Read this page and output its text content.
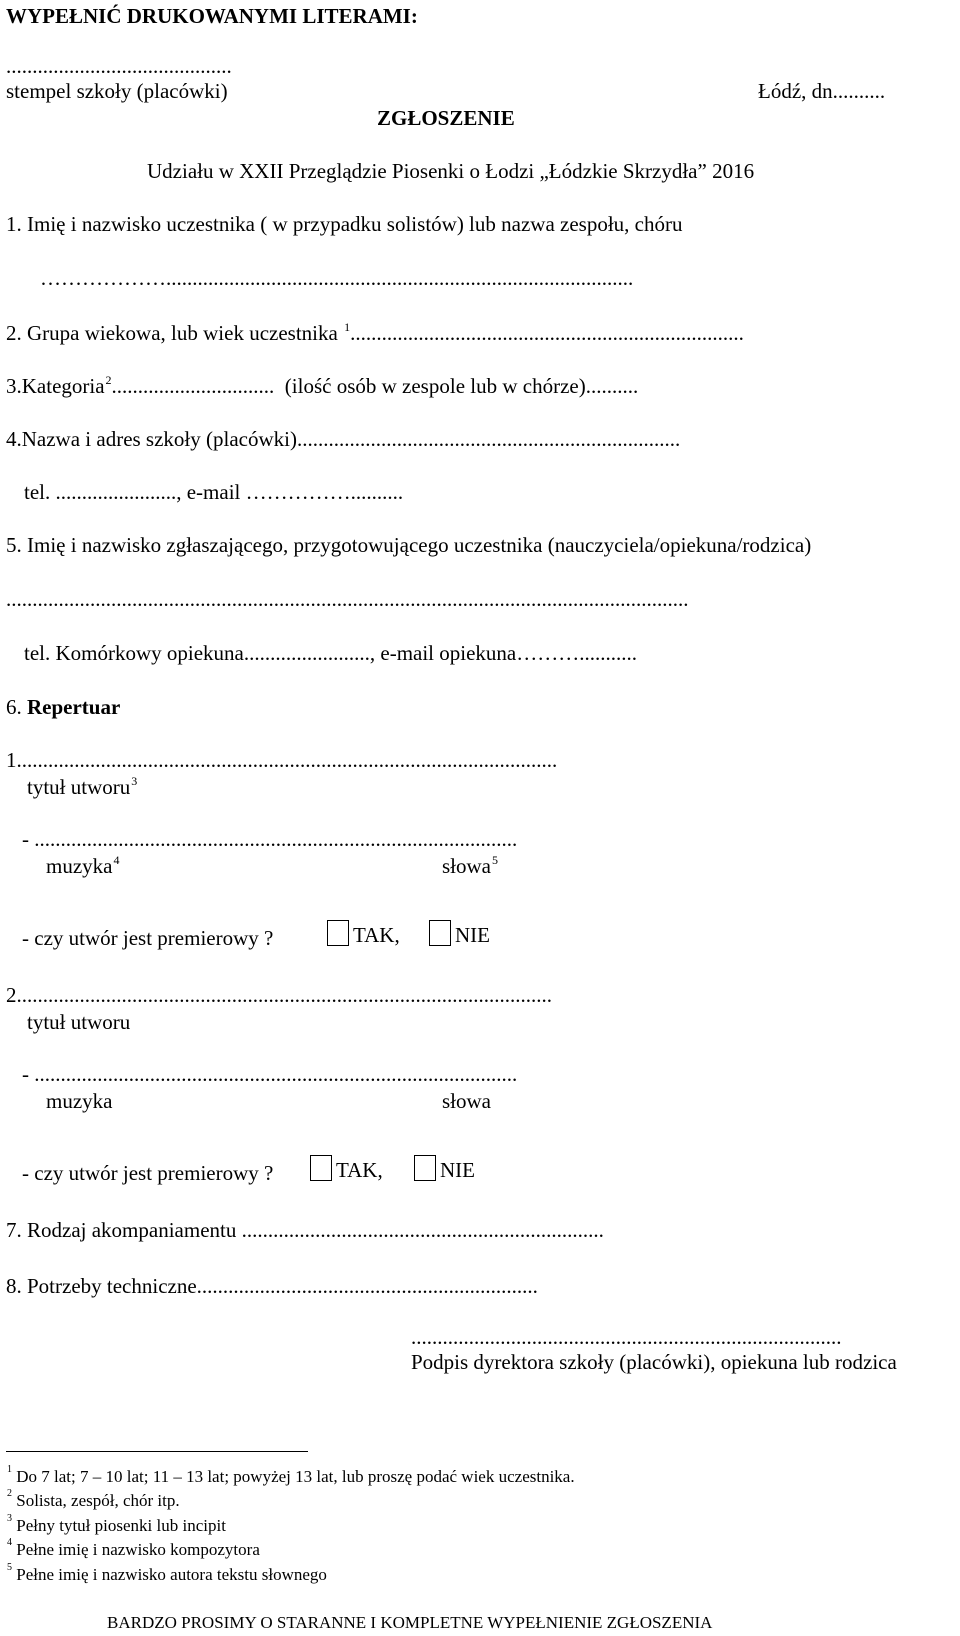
WYPEŁNIĆ DRUKOWANYMI LITERAMI:
...........................................
stempel szkoły (placówki)	Łódź, dn..........
ZGŁOSZENIE
Udziału w XXII Przeglądzie Piosenki o Łodzi „Łódzkie Skrzydła” 2016
1. Imię i nazwisko uczestnika ( w przypadku solistów) lub nazwa zespołu, chóru
……………….........................................................................................
2. Grupa wiekowa, lub wiek uczestnika $^1$...........................................................................
3.Kategoria$^2$............................... (ilość osób w zespole lub w chórze)..........
4.Nazwa i adres szkoły (placówki).........................................................................
tel. ......................., e-mail ……………..........
5. Imię i nazwisko zgłaszającego, przygotowującego uczestnika (nauczyciela/opiekuna/rodzica)
..................................................................................................................................
tel. Komórkowy opiekuna........................, e-mail opiekuna………...........
6. Repertuar
1.......................................................................................................
tytuł utworu$^3$
- ............................................................................................
muzyka$^4$	słowa$^5$
- czy utwór jest premierowy ?	TAK,	NIE
2......................................................................................................
tytuł utworu
- ............................................................................................
muzyka	słowa
- czy utwór jest premierowy ?	TAK,	NIE
7. Rodzaj akompaniamentu .....................................................................
8. Potrzeby techniczne.................................................................
..................................................................................
Podpis dyrektora szkoły (placówki), opiekuna lub rodzica
$^1$ Do 7 lat; 7 – 10 lat; 11 – 13 lat; powyżej 13 lat, lub proszę podać wiek uczestnika.
$^2$ Solista, zespół, chór itp.
$^3$ Pełny tytuł piosenki lub incipit
$^4$ Pełne imię i nazwisko kompozytora
$^5$ Pełne imię i nazwisko autora tekstu słownego
BARDZO PROSIMY O STARANNE I KOMPLETNE WYPEŁNIENIE ZGŁOSZENIA
